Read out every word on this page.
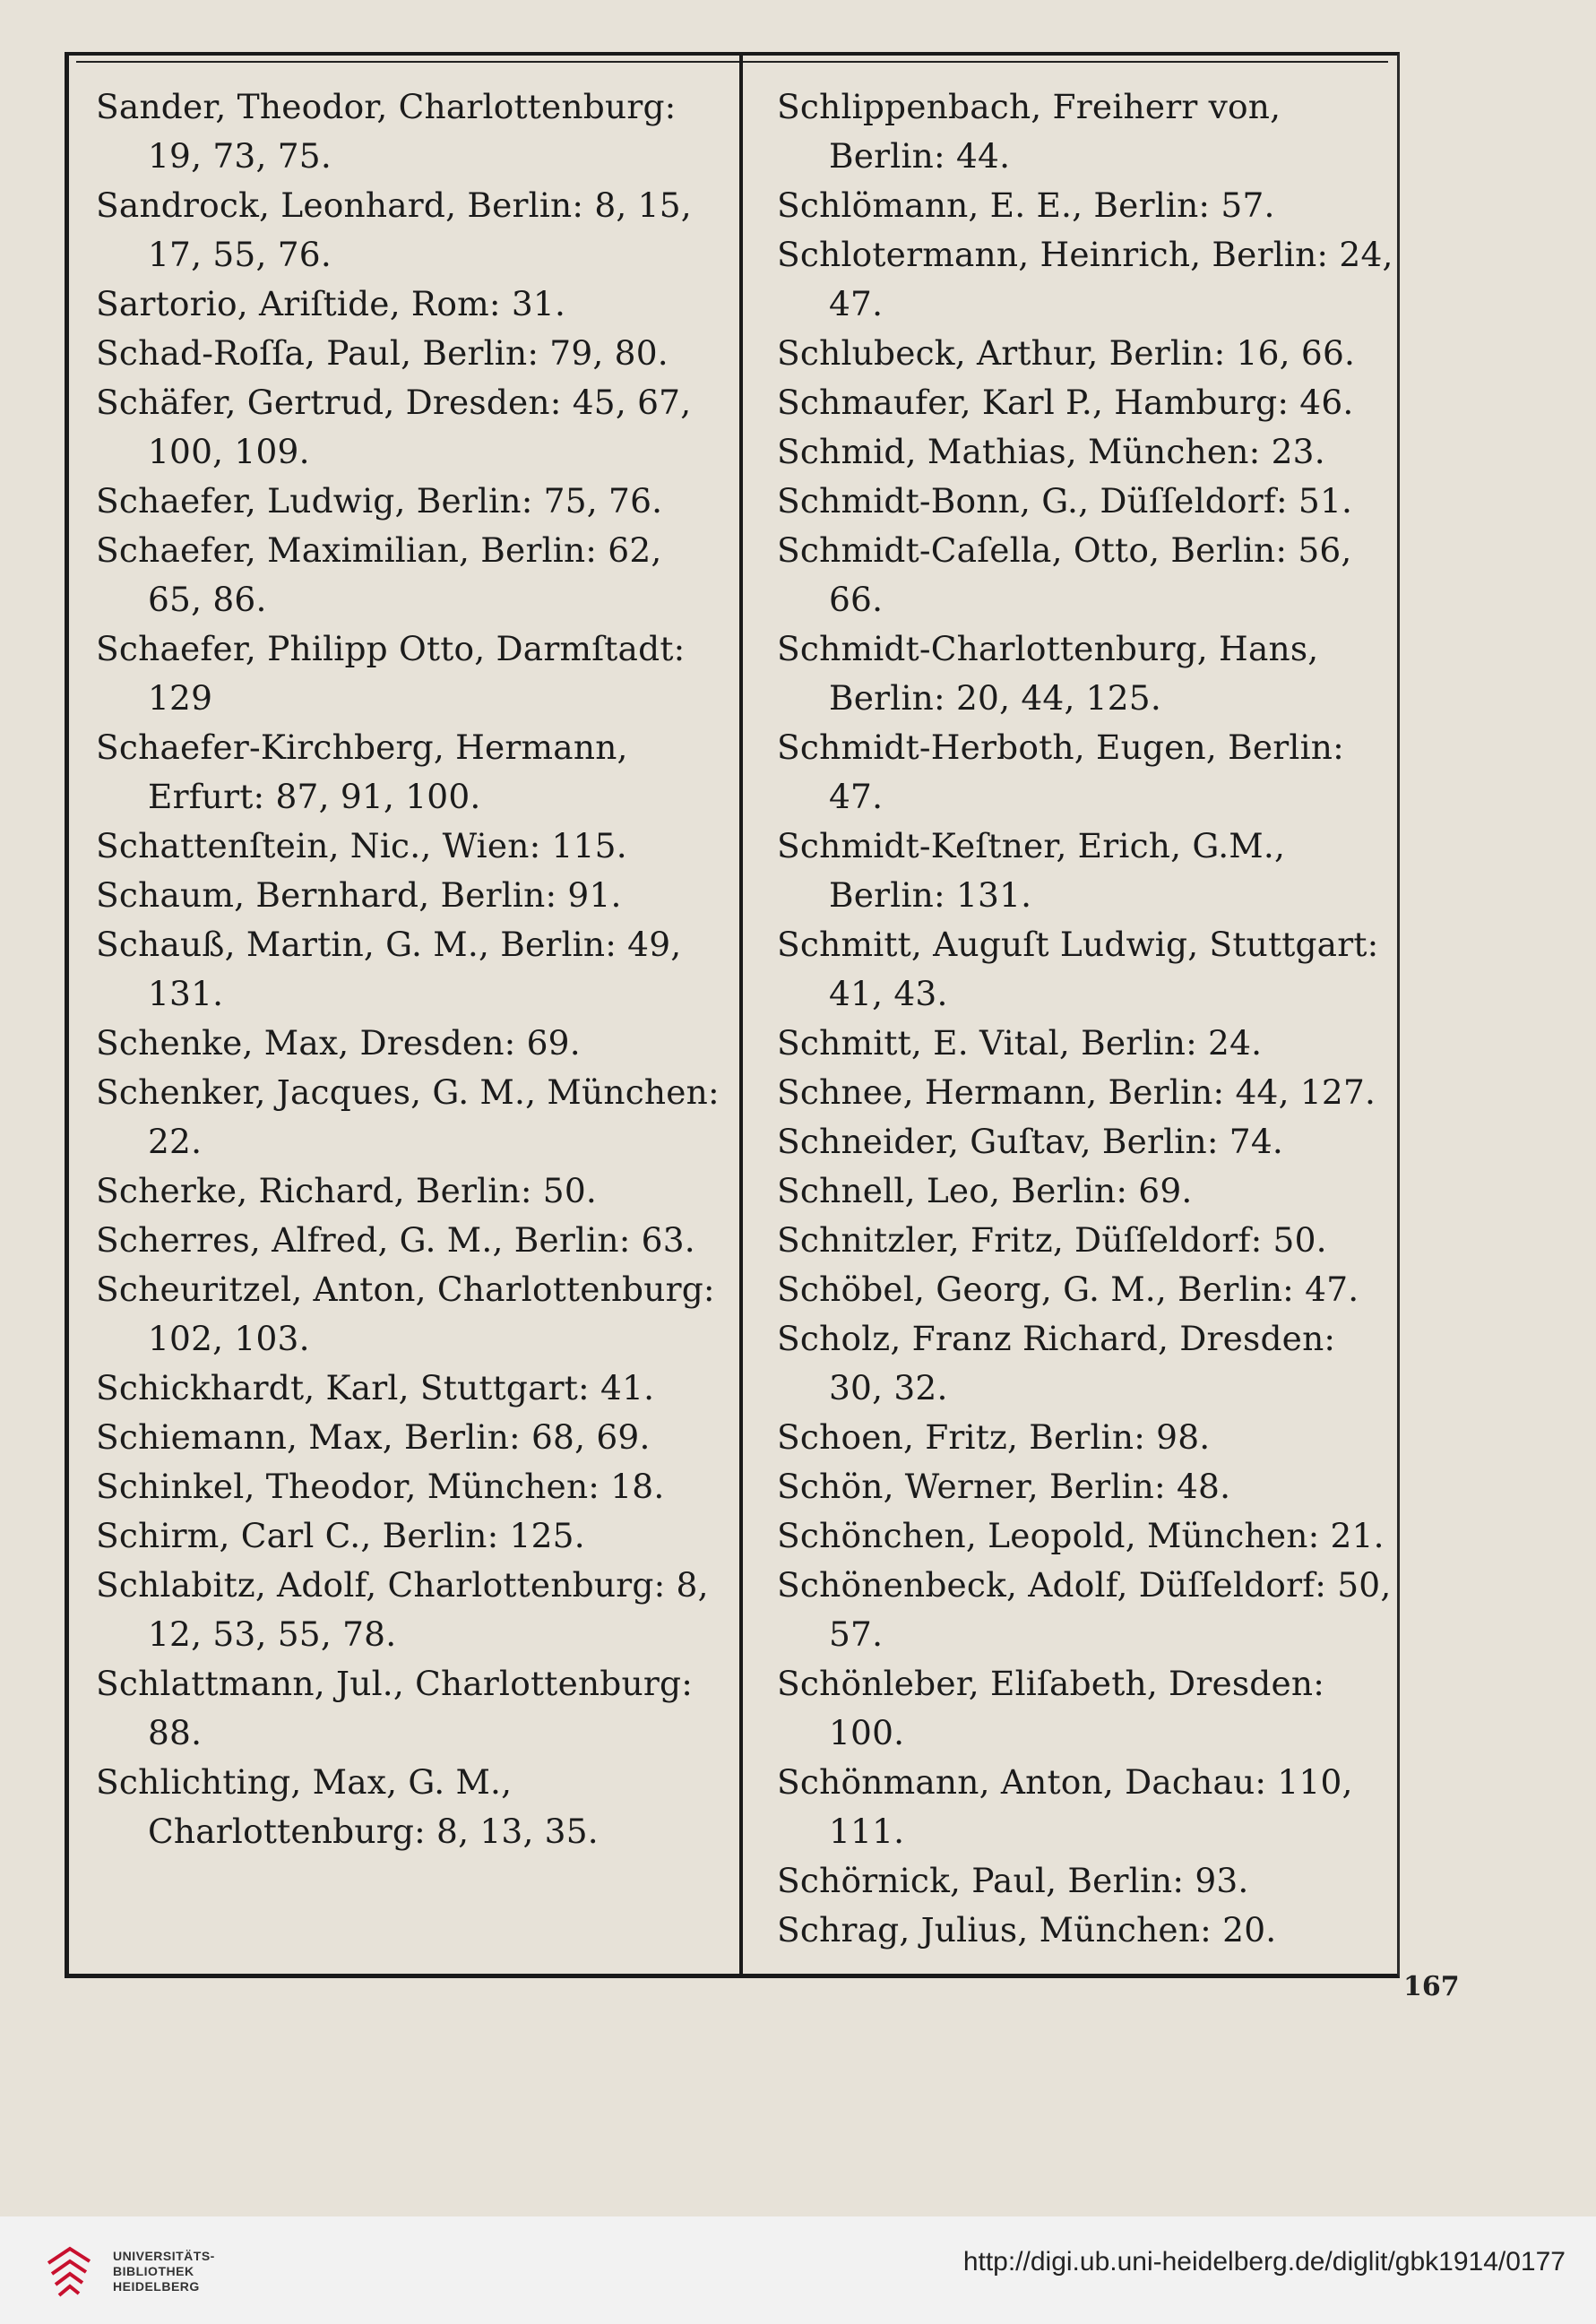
Sander, Theodor, Charlottenburg: 19, 73, 75.

Sandrock, Leonhard, Berlin: 8, 15, 17, 55, 76.

Sartorio, Ariſtide, Rom: 31.

Schad-Roſſa, Paul, Berlin: 79, 80.

Schäfer, Gertrud, Dresden: 45, 67, 100, 109.

Schaefer, Ludwig, Berlin: 75, 76.

Schaefer, Maximilian, Berlin: 62, 65, 86.

Schaefer, Philipp Otto, Darmſtadt: 129

Schaefer-Kirchberg, Hermann, Erfurt: 87, 91, 100.

Schattenſtein, Nic., Wien: 115.

Schaum, Bernhard, Berlin: 91.

Schauß, Martin, G. M., Berlin: 49, 131.

Schenke, Max, Dresden: 69.

Schenker, Jacques, G. M., München: 22.

Scherke, Richard, Berlin: 50.

Scherres, Alfred, G. M., Berlin: 63.

Scheuritzel, Anton, Charlottenburg: 102, 103.

Schickhardt, Karl, Stuttgart: 41.

Schiemann, Max, Berlin: 68, 69.

Schinkel, Theodor, München: 18.

Schirm, Carl C., Berlin: 125.

Schlabitz, Adolf, Charlottenburg: 8, 12, 53, 55, 78.

Schlattmann, Jul., Charlottenburg: 88.

Schlichting, Max, G. M., Charlottenburg: 8, 13, 35.

Schlippenbach, Freiherr von, Berlin: 44.

Schlömann, E. E., Berlin: 57.

Schlotermann, Heinrich, Berlin: 24, 47.

Schlubeck, Arthur, Berlin: 16, 66.

Schmaufer, Karl P., Hamburg: 46.

Schmid, Mathias, München: 23.

Schmidt-Bonn, G., Düſſeldorf: 51.

Schmidt-Caſella, Otto, Berlin: 56, 66.

Schmidt-Charlottenburg, Hans, Berlin: 20, 44, 125.

Schmidt-Herboth, Eugen, Berlin: 47.

Schmidt-Keſtner, Erich, G.M., Berlin: 131.

Schmitt, Auguſt Ludwig, Stuttgart: 41, 43.

Schmitt, E. Vital, Berlin: 24.

Schnee, Hermann, Berlin: 44, 127.

Schneider, Guſtav, Berlin: 74.

Schnell, Leo, Berlin: 69.

Schnitzler, Fritz, Düſſeldorf: 50.

Schöbel, Georg, G. M., Berlin: 47.

Scholz, Franz Richard, Dresden: 30, 32.

Schoen, Fritz, Berlin: 98.

Schön, Werner, Berlin: 48.

Schönchen, Leopold, München: 21.

Schönenbeck, Adolf, Düſſeldorf: 50, 57.

Schönleber, Eliſabeth, Dresden: 100.

Schönmann, Anton, Dachau: 110, 111.

Schörnick, Paul, Berlin: 93.

Schrag, Julius, München: 20.

167
UNIVERSITÄTS-
BIBLIOTHEK
HEIDELBERG
http://digi.ub.uni-heidelberg.de/diglit/gbk1914/0177
